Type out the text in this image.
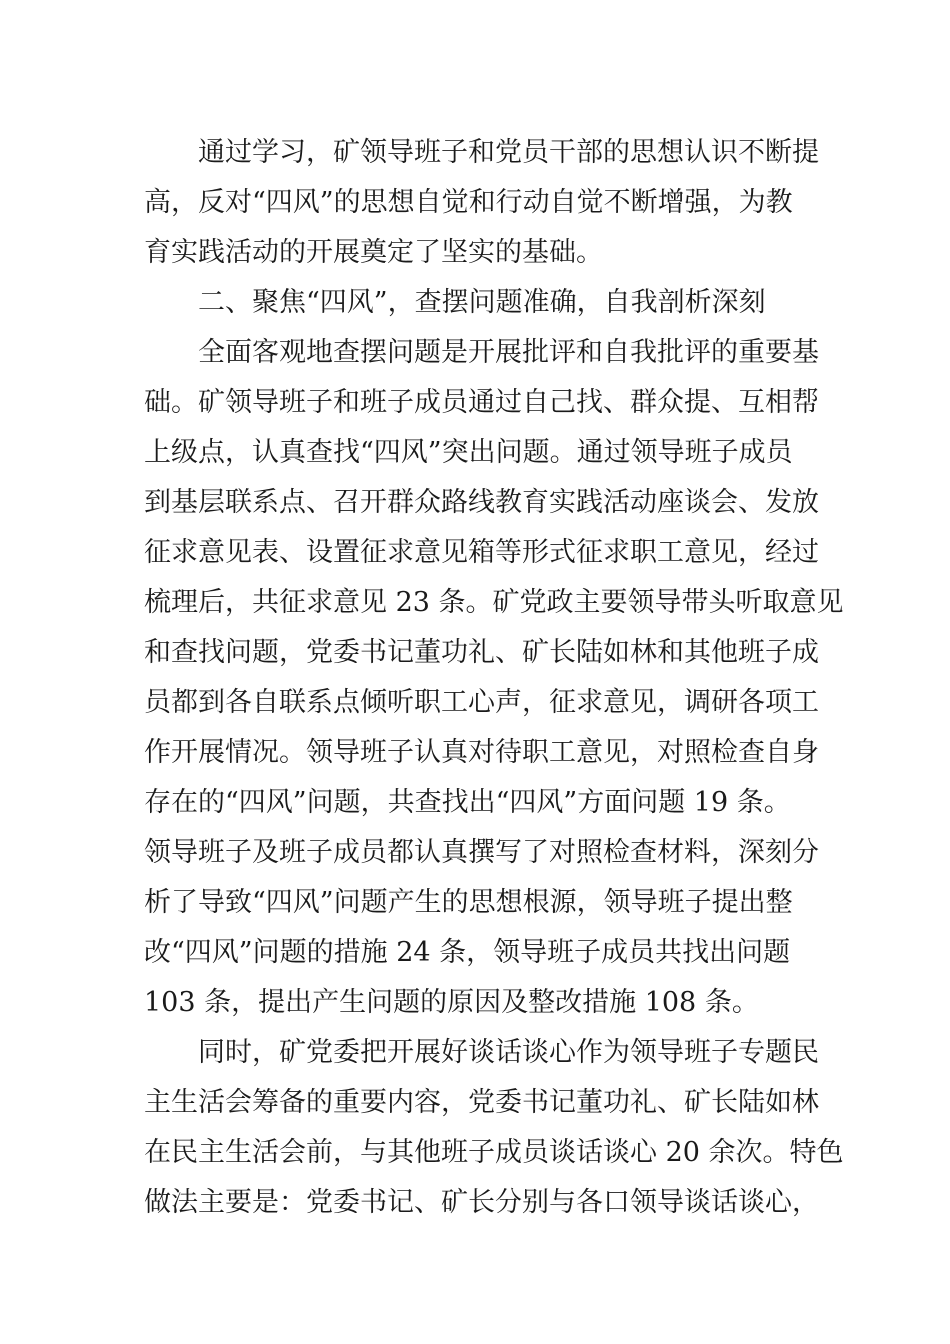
通过学习，矿领导班子和党员干部的思想认识不断提
高，反对“四风”的思想自觉和行动自觉不断增强，为教
育实践活动的开展奠定了坚实的基础。
二、聚焦“四风”，查摆问题准确，自我剖析深刻
全面客观地查摆问题是开展批评和自我批评的重要基
础。矿领导班子和班子成员通过自己找、群众提、互相帮
上级点，认真查找“四风”突出问题。通过领导班子成员
到基层联系点、召开群众路线教育实践活动座谈会、发放
征求意见表、设置征求意见箱等形式征求职工意见，经过
梳理后，共征求意见 23 条。矿党政主要领导带头听取意见
和查找问题，党委书记董功礼、矿长陆如林和其他班子成
员都到各自联系点倾听职工心声，征求意见，调研各项工
作开展情况。领导班子认真对待职工意见，对照检查自身
存在的“四风”问题，共查找出“四风”方面问题 19 条。
领导班子及班子成员都认真撰写了对照检查材料，深刻分
析了导致“四风”问题产生的思想根源，领导班子提出整
改“四风”问题的措施 24 条，领导班子成员共找出问题
103 条，提出产生问题的原因及整改措施 108 条。
同时，矿党委把开展好谈话谈心作为领导班子专题民
主生活会筹备的重要内容，党委书记董功礼、矿长陆如林
在民主生活会前，与其他班子成员谈话谈心 20 余次。特色
做法主要是：党委书记、矿长分别与各口领导谈话谈心，
